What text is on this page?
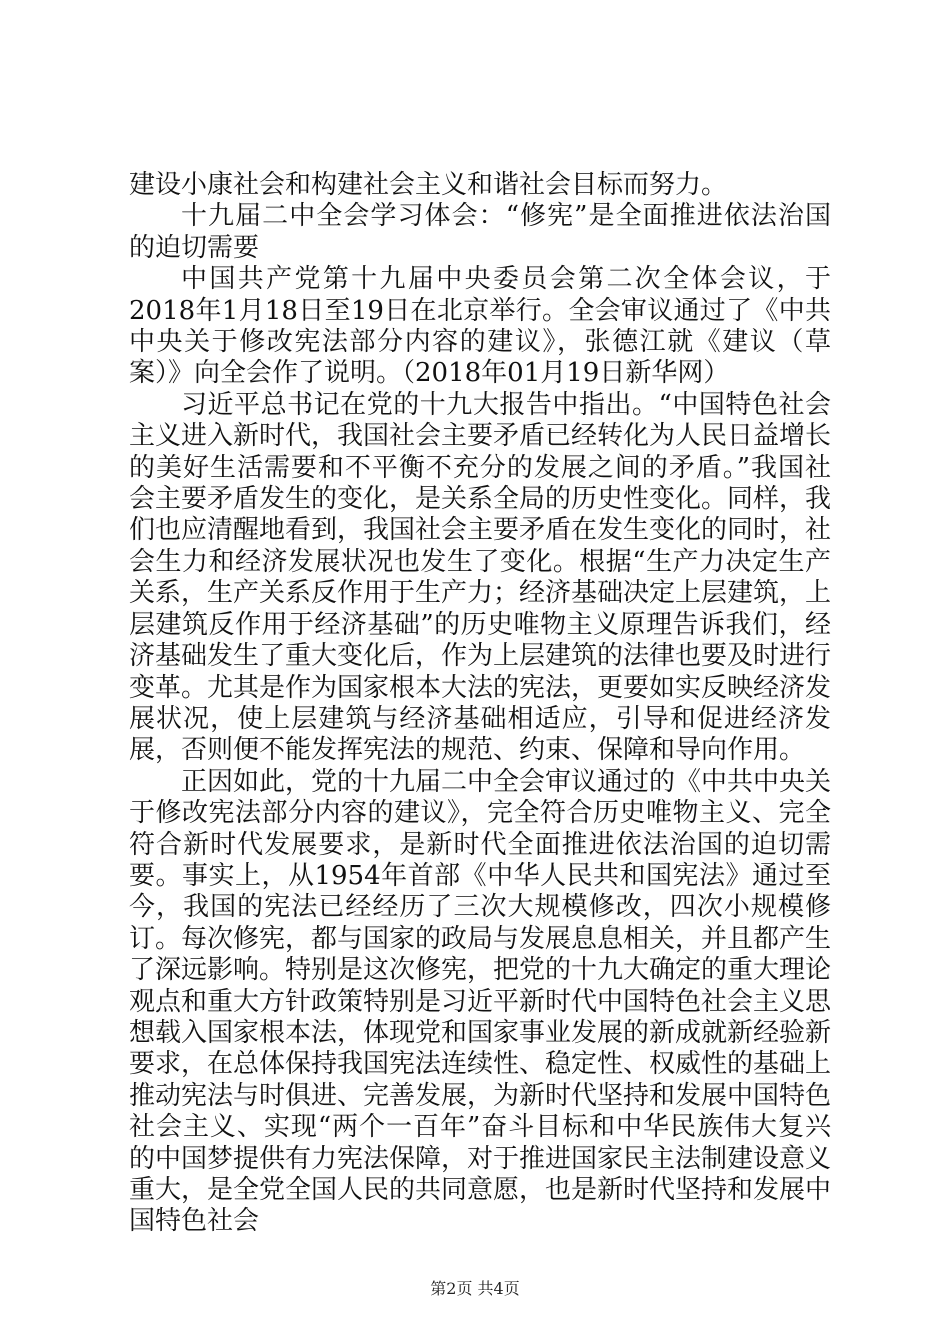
建设小康社会和构建社会主义和谐社会目标而努力。

十九届二中全会学习体会：“修宪”是全面推进依法治国的迫切需要

中国共产党第十九届中央委员会第二次全体会议，于2018年1月18日至19日在北京举行。全会审议通过了《中共中央关于修改宪法部分内容的建议》，张德江就《建议（草案）》向全会作了说明。（2018年01月19日新华网）

习近平总书记在党的十九大报告中指出。“中国特色社会主义进入新时代，我国社会主要矛盾已经转化为人民日益增长的美好生活需要和不平衡不充分的发展之间的矛盾。”我国社会主要矛盾发生的变化，是关系全局的历史性变化。同样，我们也应清醒地看到，我国社会主要矛盾在发生变化的同时，社会生力和经济发展状况也发生了变化。根据“生产力决定生产关系，生产关系反作用于生产力；经济基础决定上层建筑，上层建筑反作用于经济基础”的历史唯物主义原理告诉我们，经济基础发生了重大变化后，作为上层建筑的法律也要及时进行变革。尤其是作为国家根本大法的宪法，更要如实反映经济发展状况，使上层建筑与经济基础相适应，引导和促进经济发展，否则便不能发挥宪法的规范、约束、保障和导向作用。

正因如此，党的十九届二中全会审议通过的《中共中央关于修改宪法部分内容的建议》，完全符合历史唯物主义、完全符合新时代发展要求，是新时代全面推进依法治国的迫切需要。事实上，从1954年首部《中华人民共和国宪法》通过至今，我国的宪法已经经历了三次大规模修改，四次小规模修订。每次修宪，都与国家的政局与发展息息相关，并且都产生了深远影响。特别是这次修宪，把党的十九大确定的重大理论观点和重大方针政策特别是习近平新时代中国特色社会主义思想载入国家根本法，体现党和国家事业发展的新成就新经验新要求，在总体保持我国宪法连续性、稳定性、权威性的基础上推动宪法与时俱进、完善发展，为新时代坚持和发展中国特色社会主义、实现“两个一百年”奋斗目标和中华民族伟大复兴的中国梦提供有力宪法保障，对于推进国家民主法制建设意义重大，是全党全国人民的共同意愿，也是新时代坚持和发展中国特色社会

第2页 共4页
